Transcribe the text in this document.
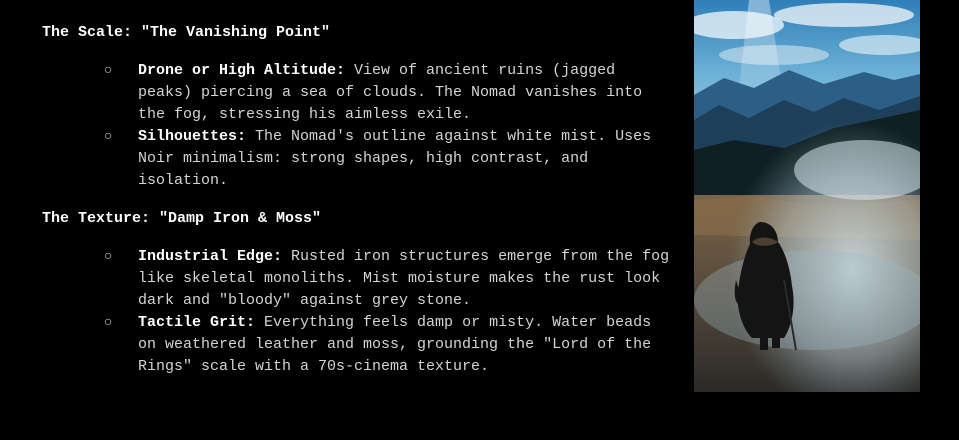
The Scale: "The Vanishing Point"

○ Drone or High Altitude: View of ancient ruins (jagged peaks) piercing a sea of clouds. The Nomad vanishes into the fog, stressing his aimless exile.
○ Silhouettes: The Nomad's outline against white mist. Uses Noir minimalism: strong shapes, high contrast, and isolation.

The Texture: "Damp Iron & Moss"

○ Industrial Edge: Rusted iron structures emerge from the fog like skeletal monoliths. Mist moisture makes the rust look dark and "bloody" against grey stone.
○ Tactile Grit: Everything feels damp or misty. Water beads on weathered leather and moss, grounding the "Lord of the Rings" scale with a 70s-cinema texture.
